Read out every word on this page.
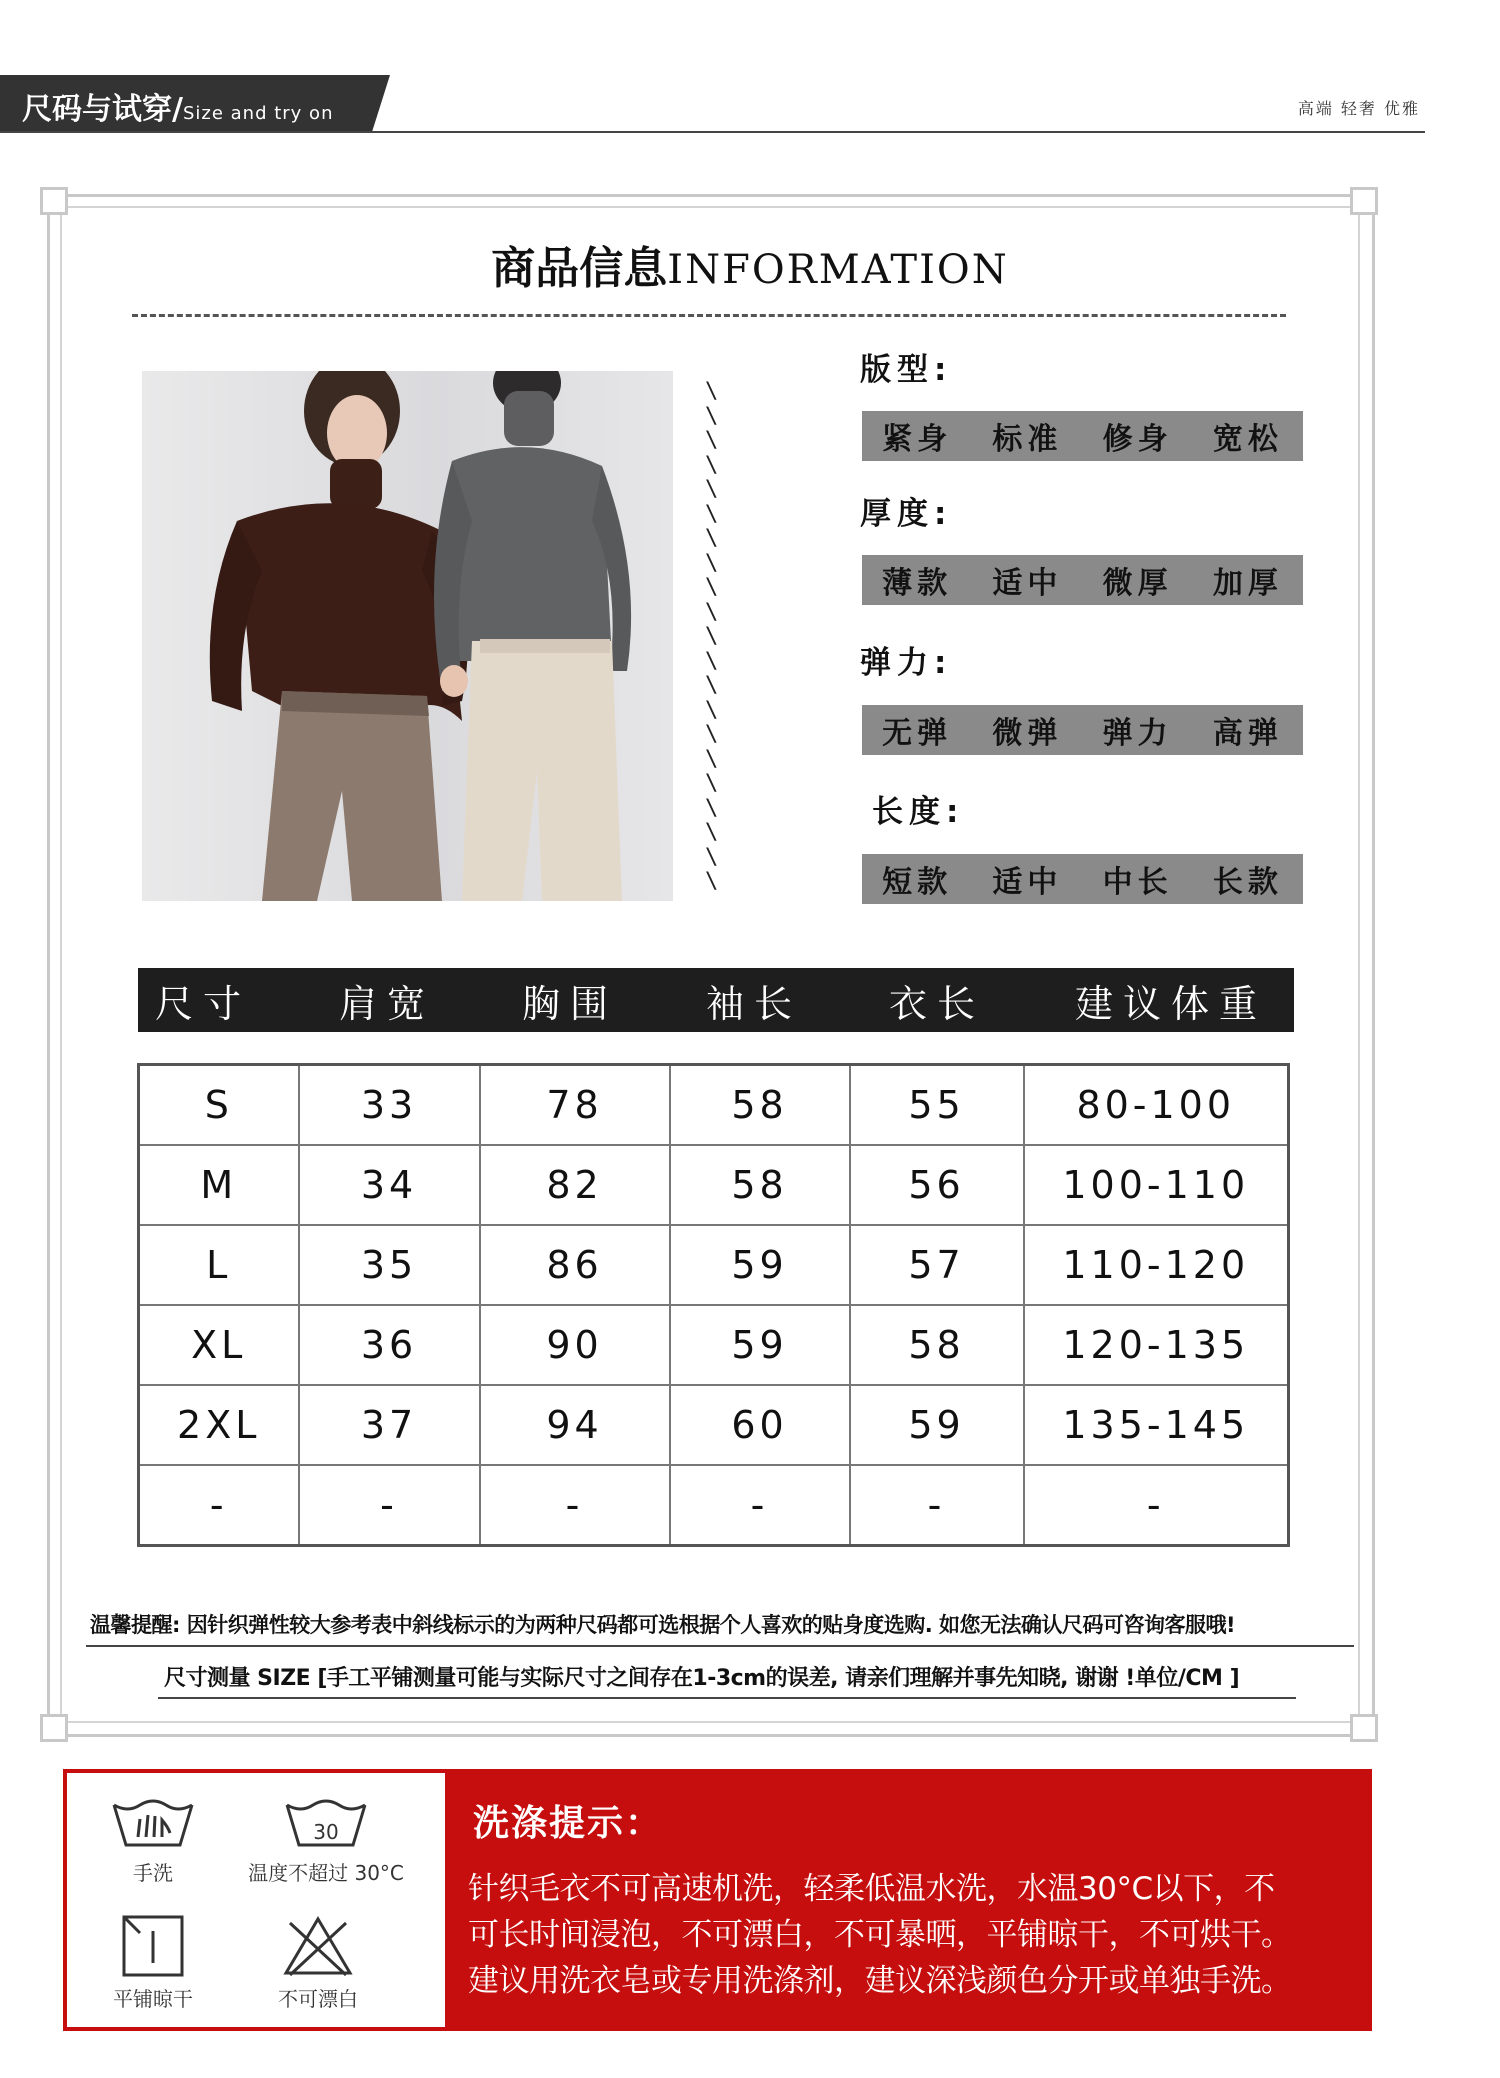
尺码与试穿/Size and try on	高端 轻奢 优雅
商品信息INFORMATION
\
\
\
\
\
\
\
\
\
\
\
\
\
\
\
\
\
\
\
\
\
版型:
紧身 标准 修身 宽松
厚度:
薄款 适中 微厚 加厚
弹力:
无弹 微弹 弹力 高弹
长度:
短款 适中 中长 长款
尺寸	肩宽	胸围	袖长	衣长	建议体重
S	33	78	58	55	80-100
M	34	82	58	56	100-110
L	35	86	59	57	110-120
XL	36	90	59	58	120-135
2XL	37	94	60	59	135-145
-	-	-	-	-	-
温馨提醒: 因针织弹性较大参考表中斜线标示的为两种尺码都可选根据个人喜欢的贴身度选购. 如您无法确认尺码可咨询客服哦!
尺寸测量 SIZE [手工平铺测量可能与实际尺寸之间存在1-3cm的误差, 请亲们理解并事先知晓, 谢谢 !单位/CM ]
手洗
30
温度不超过 30°C
平铺晾干	不可漂白
洗涤提示：
针织毛衣不可高速机洗，轻柔低温水洗，水温30°C以下，不
可长时间浸泡，不可漂白，不可暴晒，平铺晾干，不可烘干。
建议用洗衣皂或专用洗涤剂，建议深浅颜色分开或单独手洗。
